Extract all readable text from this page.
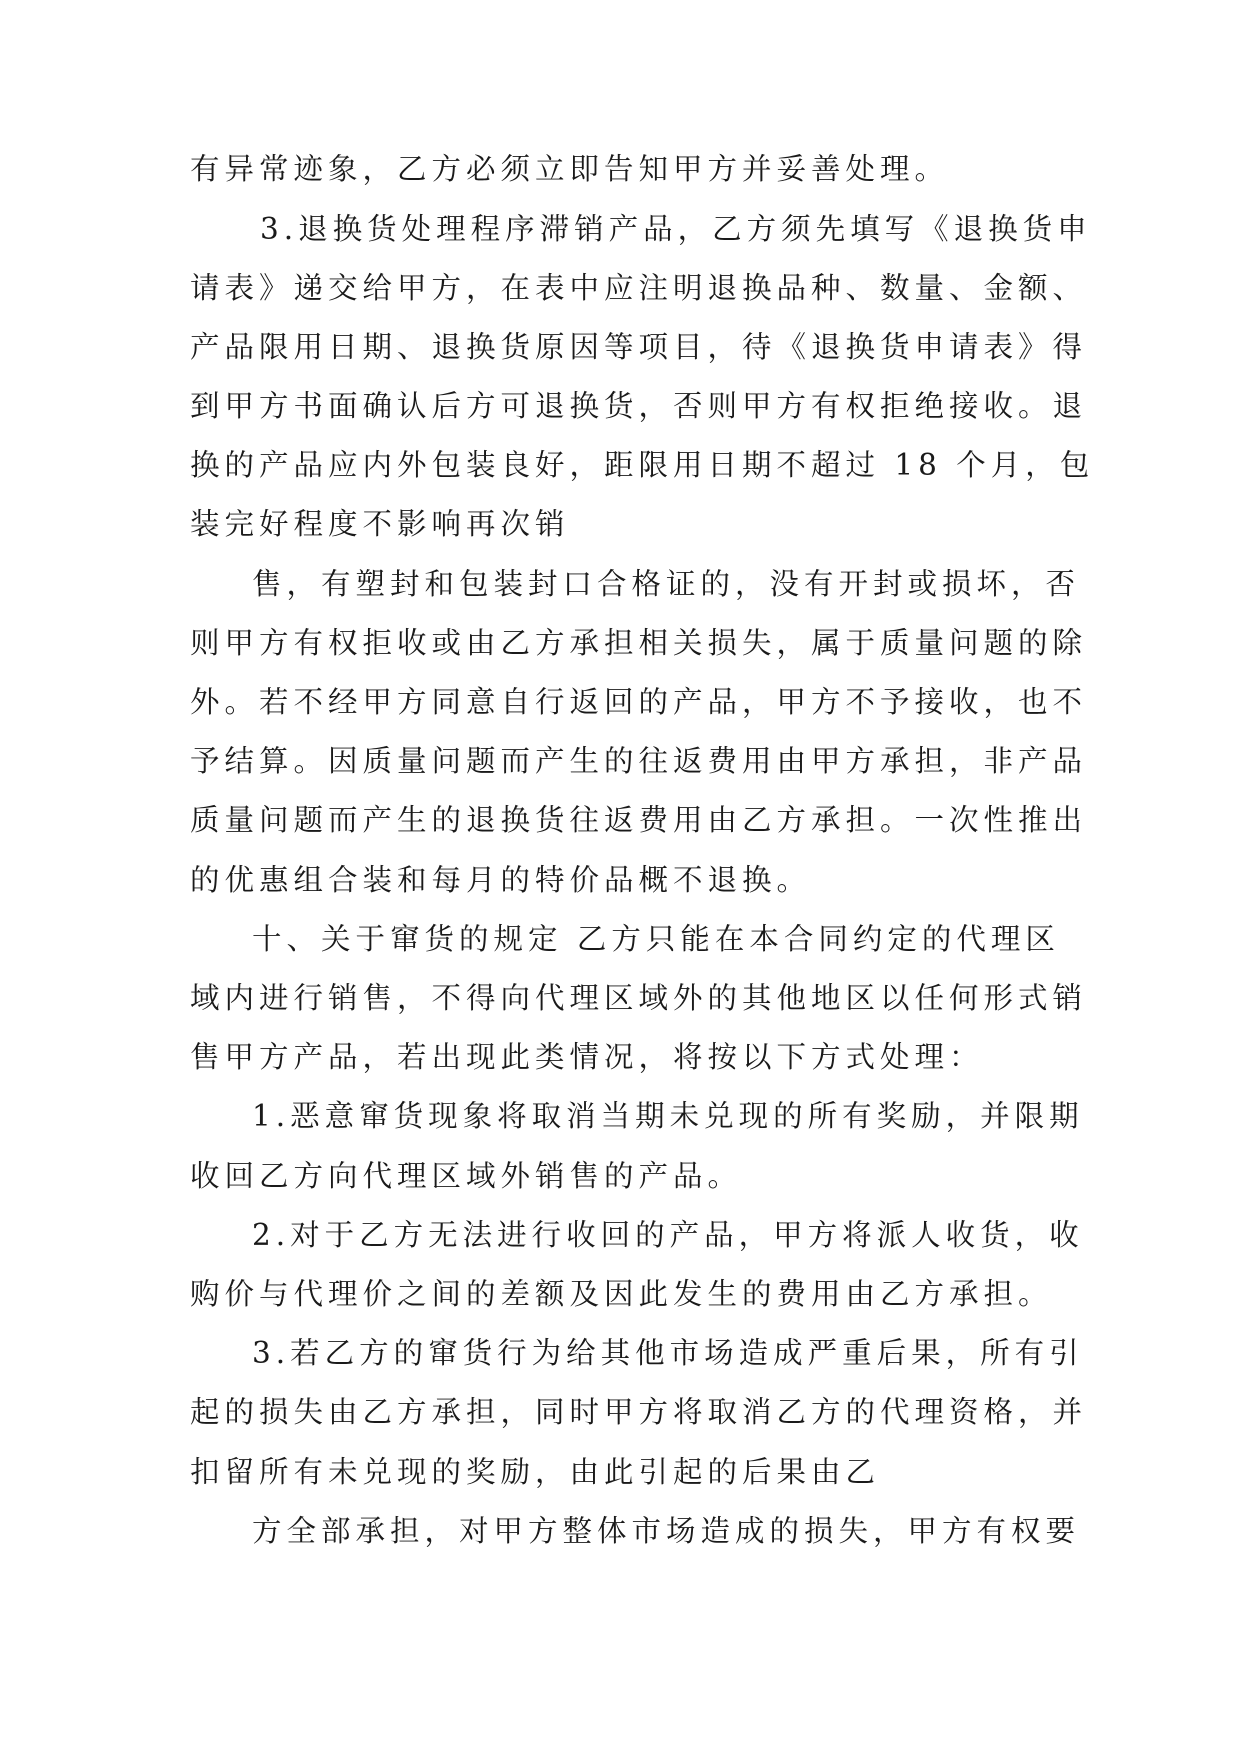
有异常迹象，乙方必须立即告知甲方并妥善处理。
3.退换货处理程序滞销产品，乙方须先填写《退换货申
请表》递交给甲方，在表中应注明退换品种、数量、金额、
产品限用日期、退换货原因等项目，待《退换货申请表》得
到甲方书面确认后方可退换货，否则甲方有权拒绝接收。退
换的产品应内外包装良好，距限用日期不超过 18 个月，包
装完好程度不影响再次销
售，有塑封和包装封口合格证的，没有开封或损坏，否
则甲方有权拒收或由乙方承担相关损失，属于质量问题的除
外。若不经甲方同意自行返回的产品，甲方不予接收，也不
予结算。因质量问题而产生的往返费用由甲方承担，非产品
质量问题而产生的退换货往返费用由乙方承担。一次性推出
的优惠组合装和每月的特价品概不退换。
十、关于窜货的规定 乙方只能在本合同约定的代理区
域内进行销售，不得向代理区域外的其他地区以任何形式销
售甲方产品，若出现此类情况，将按以下方式处理：
1.恶意窜货现象将取消当期未兑现的所有奖励，并限期
收回乙方向代理区域外销售的产品。
2.对于乙方无法进行收回的产品，甲方将派人收货，收
购价与代理价之间的差额及因此发生的费用由乙方承担。
3.若乙方的窜货行为给其他市场造成严重后果，所有引
起的损失由乙方承担，同时甲方将取消乙方的代理资格，并
扣留所有未兑现的奖励，由此引起的后果由乙
方全部承担，对甲方整体市场造成的损失，甲方有权要
